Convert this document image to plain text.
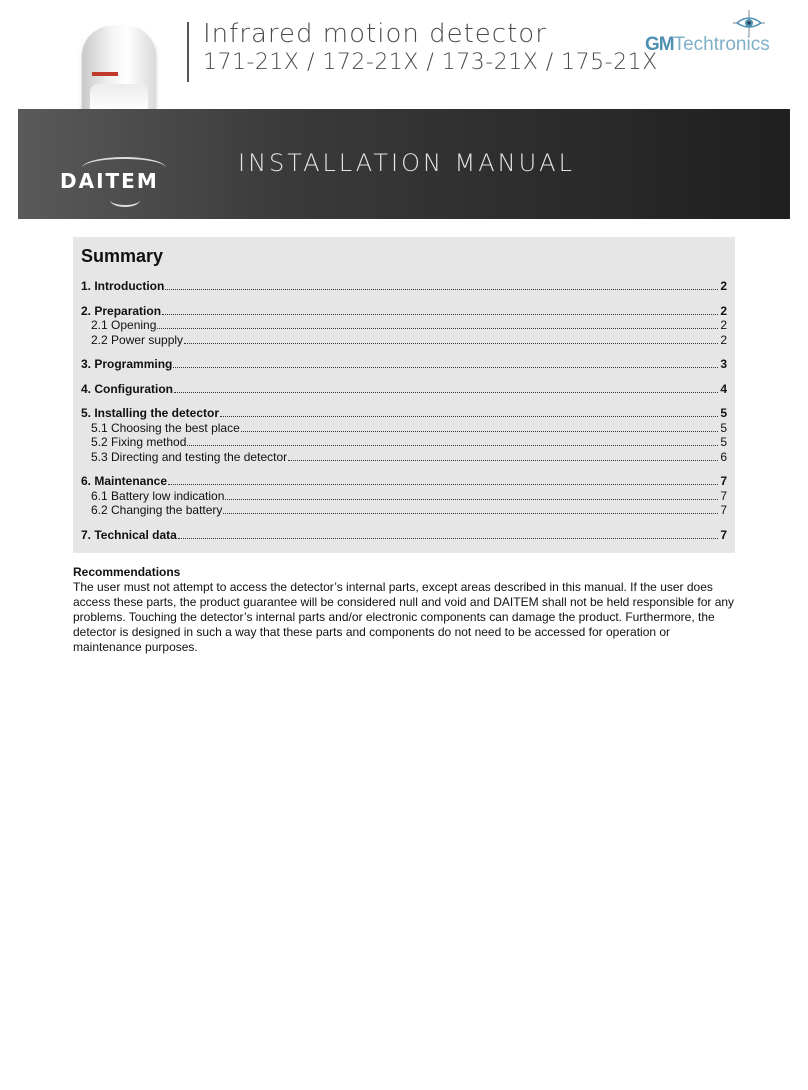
Infrared motion detector
171-21X / 172-21X / 173-21X / 175-21X
GMTechtronics
DAITEM
INSTALLATION MANUAL
Summary
1. Introduction	2
2. Preparation	2
2.1 Opening	2
2.2 Power supply	2
3. Programming	3
4. Configuration	4
5. Installing the detector	5
5.1 Choosing the best place	5
5.2 Fixing method	5
5.3 Directing and testing the detector	6
6. Maintenance	7
6.1 Battery low indication	7
6.2 Changing the battery	7
7. Technical data	7
Recommendations
The user must not attempt to access the detector’s internal parts, except areas described in this manual. If the user does access these parts, the product guarantee will be considered null and void and DAITEM shall not be held responsible for any problems. Touching the detector’s internal parts and/or electronic components can damage the product. Furthermore, the detector is designed in such a way that these parts and components do not need to be accessed for operation or maintenance purposes.
